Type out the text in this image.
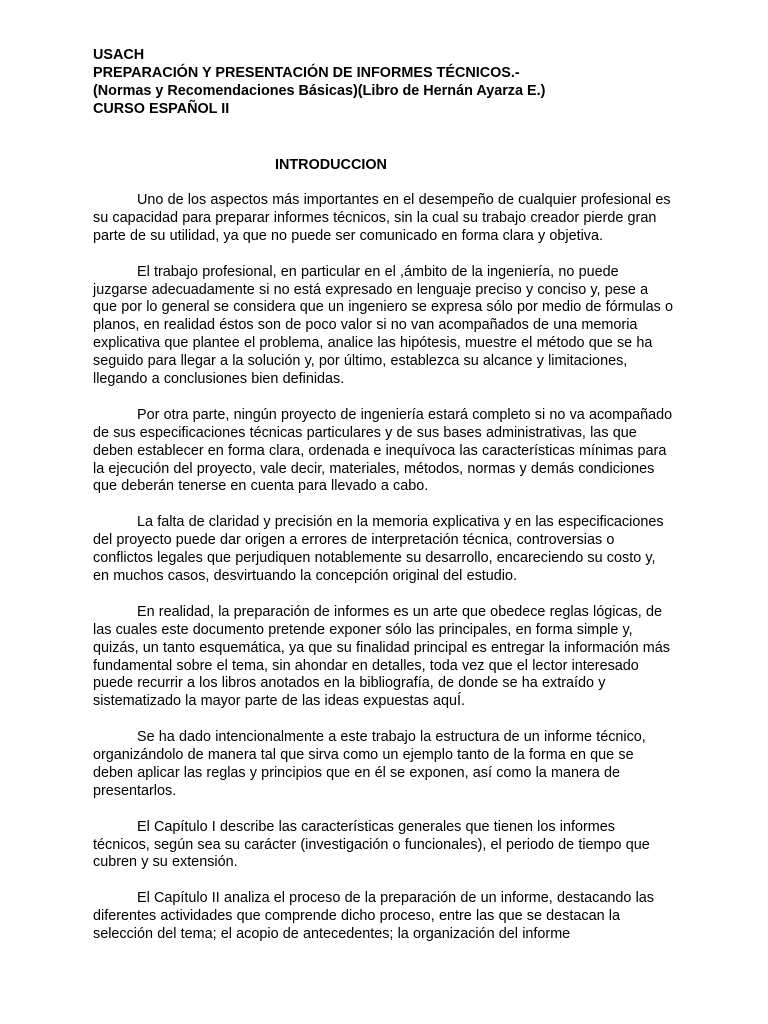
USACH
PREPARACIÓN Y PRESENTACIÓN DE INFORMES TÉCNICOS.-
(Normas y Recomendaciones Básicas)(Libro de Hernán Ayarza E.)
CURSO ESPAÑOL II
INTRODUCCION

Uno de los aspectos más importantes en el desempeño de cualquier profesional es su capacidad para preparar informes técnicos, sin la cual su trabajo creador pierde gran parte de su utilidad, ya que no puede ser comunicado en forma clara y objetiva.

El trabajo profesional, en particular en el ,ámbito de la ingeniería, no puede juzgarse adecuadamente si no está expresado en lenguaje preciso y conciso y, pese a que por lo general se considera que un ingeniero se expresa sólo por medio de fórmulas o planos, en realidad éstos son de poco valor si no van acompañados de una memoria explicativa que plantee el problema, analice las hipótesis, muestre el método que se ha seguido para llegar a la solución y, por último, establezca su alcance y limitaciones, llegando a conclusiones bien definidas.

Por otra parte, ningún proyecto de ingeniería estará completo si no va acompañado de sus especificaciones técnicas particulares y de sus bases administrativas, las que deben establecer en forma clara, ordenada e inequívoca las características mínimas para la ejecución del proyecto, vale decir, materiales, métodos, normas y demás condiciones que deberán tenerse en cuenta para llevado a cabo.

La falta de claridad y precisión en la memoria explicativa y en las especificaciones del proyecto puede dar origen a errores de interpretación técnica, controversias o conflictos legales que perjudiquen notablemente su desarrollo, encareciendo su costo y, en muchos casos, desvirtuando la concepción original del estudio.

En realidad, la preparación de informes es un arte que obedece reglas lógicas, de las cuales este documento pretende exponer sólo las principales, en forma simple y, quizás, un tanto esquemática, ya que su finalidad principal es entregar la información más fundamental sobre el tema, sin ahondar en detalles, toda vez que el lector interesado puede recurrir a los libros anotados en la bibliografía, de donde se ha extraído y sistematizado la mayor parte de las ideas expuestas aquÍ.

Se ha dado intencionalmente a este trabajo la estructura de un informe técnico, organizándolo de manera tal que sirva como un ejemplo tanto de la forma en que se deben aplicar las reglas y principios que en él se exponen, así como la manera de presentarlos.

El Capítulo I describe las características generales que tienen los informes técnicos, según sea su carácter (investigación o funcionales), el periodo de tiempo que cubren y su extensión.

El Capítulo II analiza el proceso de la preparación de un informe, destacando las diferentes actividades que comprende dicho proceso, entre las que se destacan la selección del tema; el acopio de antecedentes; la organización del informe
